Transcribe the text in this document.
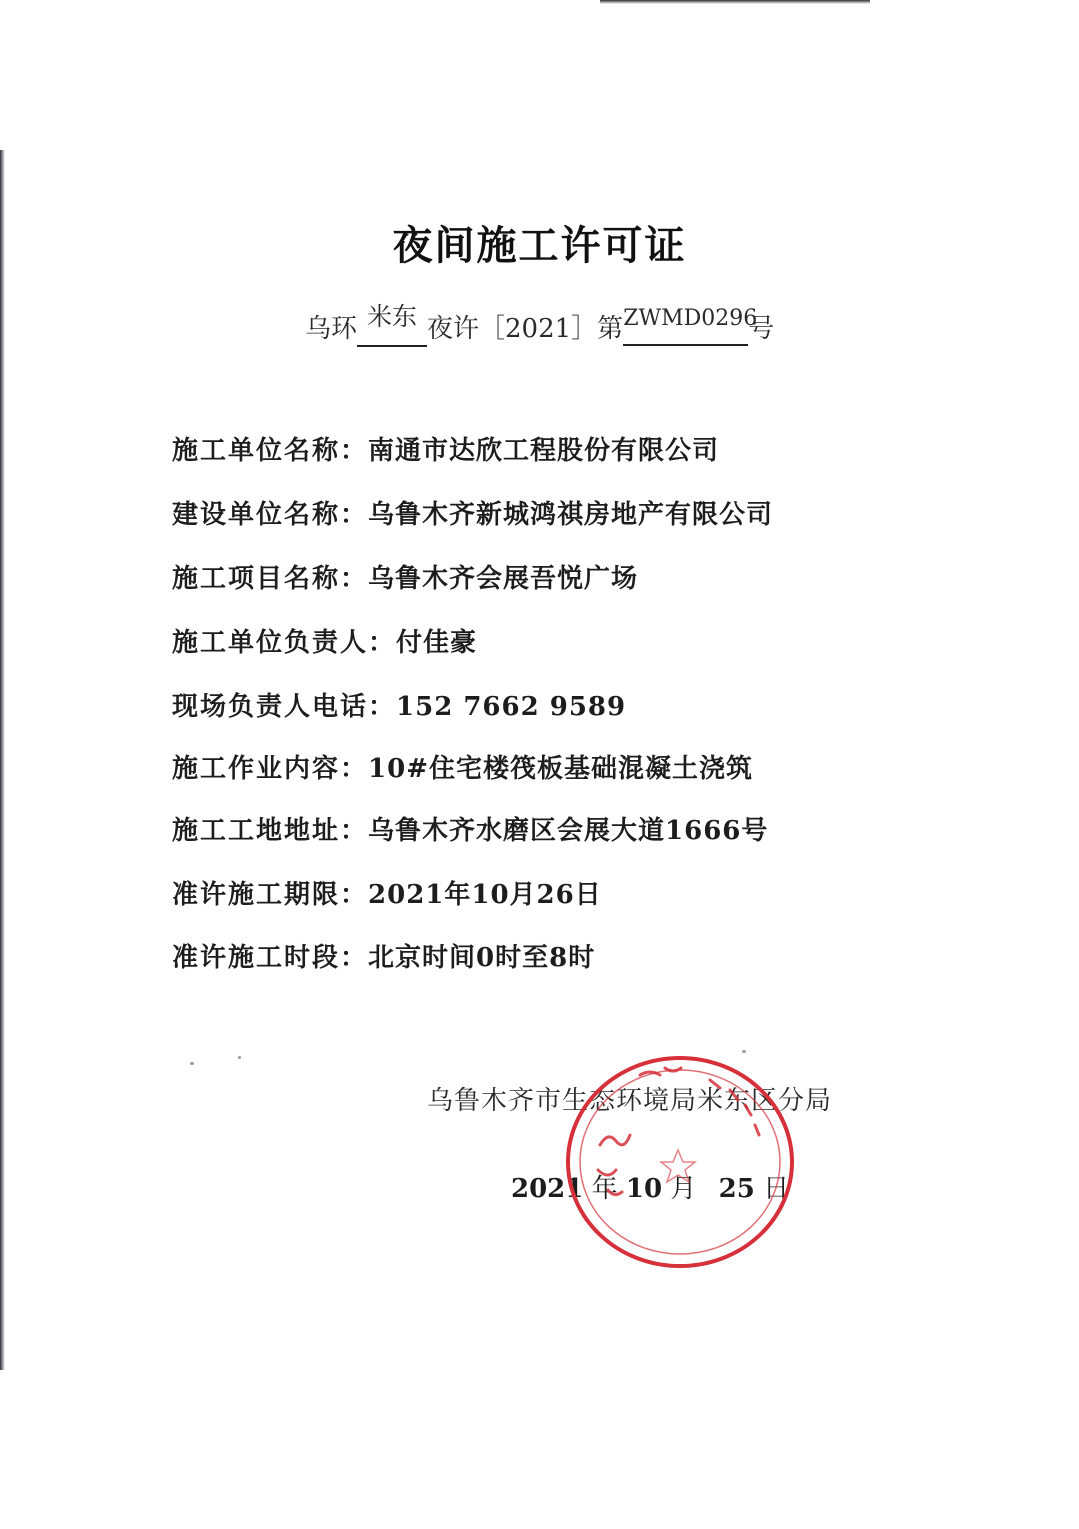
夜间施工许可证
乌环 米东 夜许［2021］第$^{ZWMD0296}$号
施工单位名称：南通市达欣工程股份有限公司
建设单位名称：乌鲁木齐新城鸿祺房地产有限公司
施工项目名称：乌鲁木齐会展吾悦广场
施工单位负责人：付佳豪
现场负责人电话：152 7662 9589
施工作业内容：10#住宅楼筏板基础混凝土浇筑
施工工地地址：乌鲁木齐水磨区会展大道1666号
准许施工期限：2021年10月26日
准许施工时段：北京时间0时至8时
乌鲁木齐市生态环境局米东区分局
2021 年 10 月 25 日
